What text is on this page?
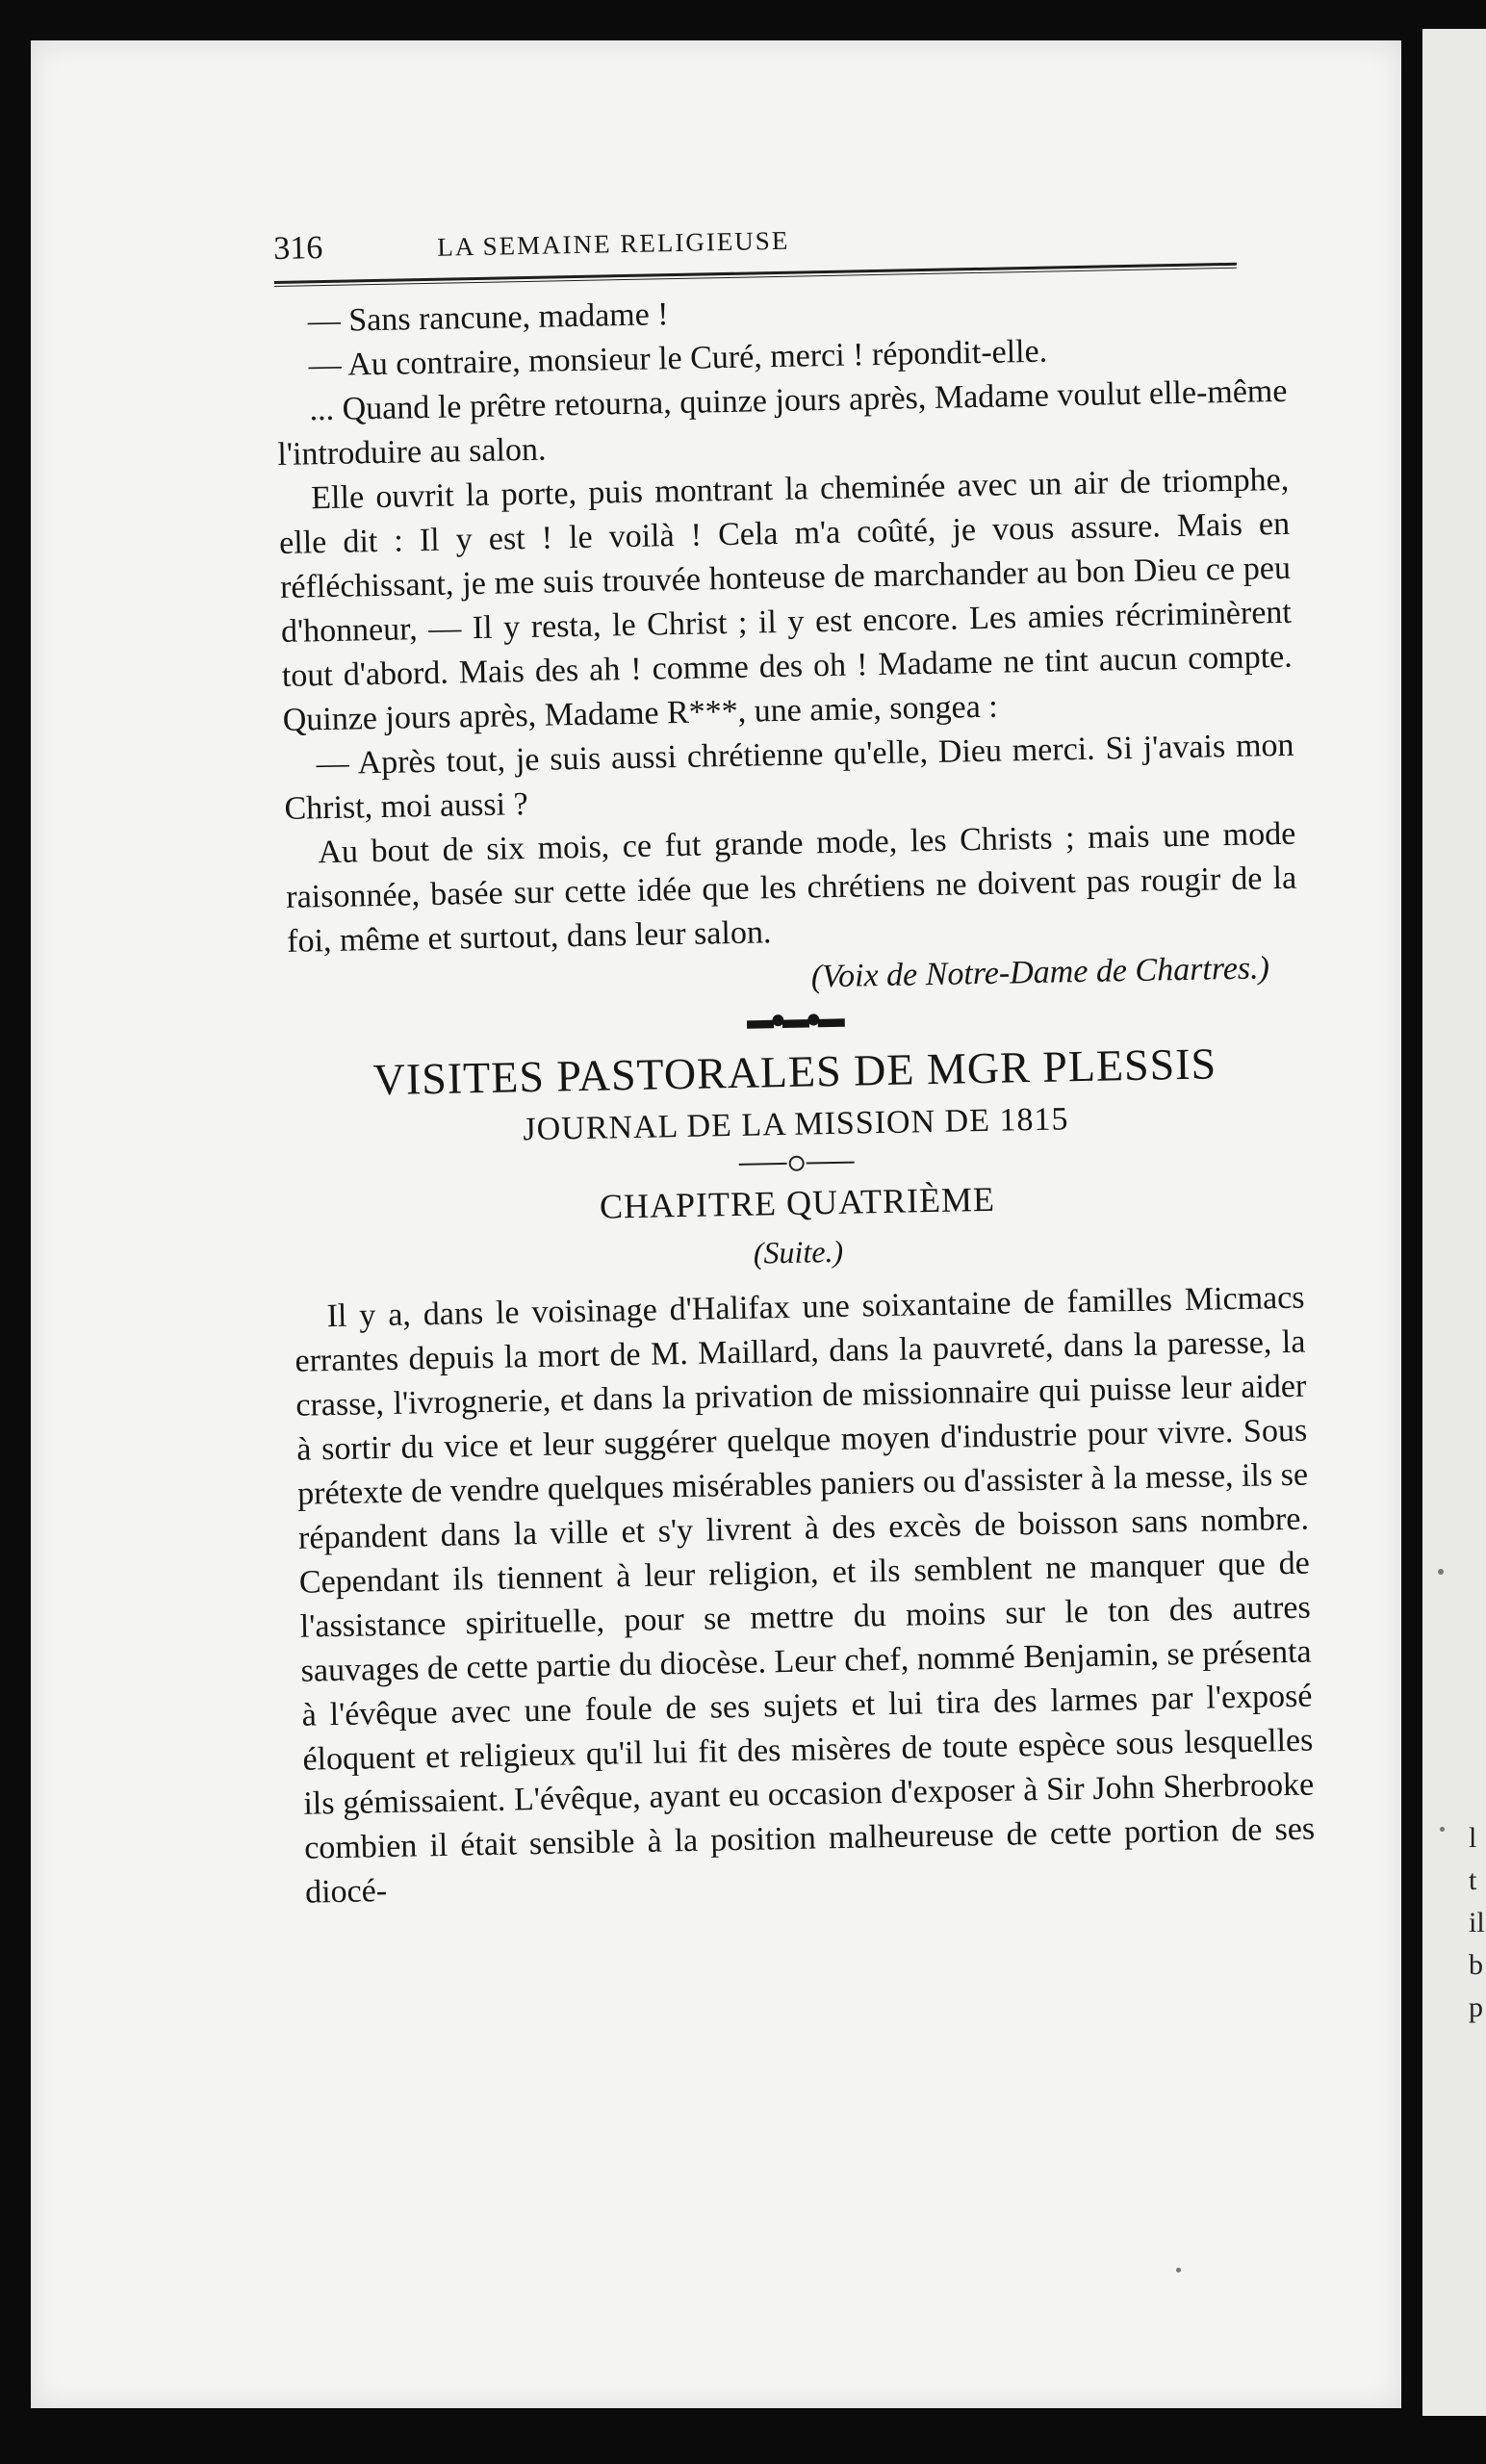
l
t
il
b
p
316	LA SEMAINE RELIGIEUSE

— Sans rancune, madame !

— Au contraire, monsieur le Curé, merci ! répondit-elle.

... Quand le prêtre retourna, quinze jours après, Madame voulut elle-même l'introduire au salon.

Elle ouvrit la porte, puis montrant la cheminée avec un air de triomphe, elle dit : Il y est ! le voilà ! Cela m'a coûté, je vous assure. Mais en réfléchissant, je me suis trouvée honteuse de marchander au bon Dieu ce peu d'honneur, — Il y resta, le Christ ; il y est encore. Les amies récriminèrent tout d'abord. Mais des ah ! comme des oh ! Madame ne tint aucun compte. Quinze jours après, Madame R***, une amie, songea :

— Après tout, je suis aussi chrétienne qu'elle, Dieu merci. Si j'avais mon Christ, moi aussi ?

Au bout de six mois, ce fut grande mode, les Christs ; mais une mode raisonnée, basée sur cette idée que les chrétiens ne doivent pas rougir de la foi, même et surtout, dans leur salon.

(Voix de Notre-Dame de Chartres.)

▬●▬●▬

VISITES PASTORALES DE MGR PLESSIS
JOURNAL DE LA MISSION DE 1815
CHAPITRE QUATRIÈME

(Suite.)

Il y a, dans le voisinage d'Halifax une soixantaine de familles Micmacs errantes depuis la mort de M. Maillard, dans la pauvreté, dans la paresse, la crasse, l'ivrognerie, et dans la privation de missionnaire qui puisse leur aider à sortir du vice et leur suggérer quelque moyen d'industrie pour vivre. Sous prétexte de vendre quelques misérables paniers ou d'assister à la messe, ils se répandent dans la ville et s'y livrent à des excès de boisson sans nombre. Cependant ils tiennent à leur religion, et ils semblent ne manquer que de l'assistance spirituelle, pour se mettre du moins sur le ton des autres sauvages de cette partie du diocèse. Leur chef, nommé Benjamin, se présenta à l'évêque avec une foule de ses sujets et lui tira des larmes par l'exposé éloquent et religieux qu'il lui fit des misères de toute espèce sous lesquelles ils gémissaient. L'évêque, ayant eu occasion d'exposer à Sir John Sherbrooke combien il était sensible à la position malheureuse de cette portion de ses diocé-
